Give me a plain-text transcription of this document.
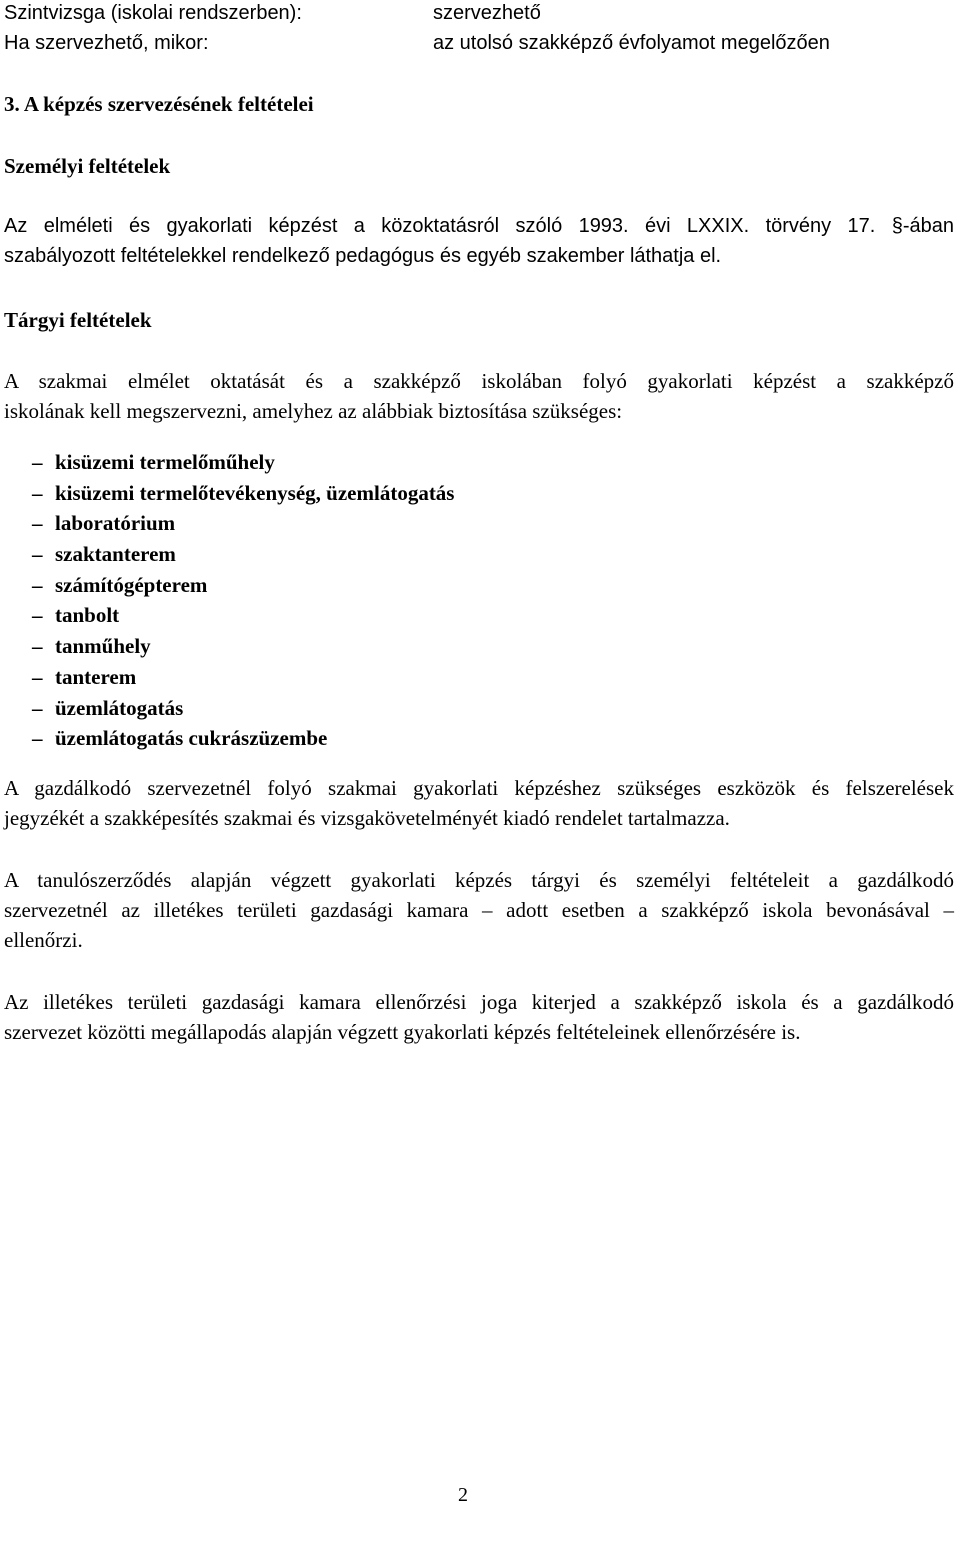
Szintvizsga (iskolai rendszerben):	szervezhető
Ha szervezhető, mikor:	az utolsó szakképző évfolyamot megelőzően
3. A képzés szervezésének feltételei
Személyi feltételek
Az elméleti és gyakorlati képzést a közoktatásról szóló 1993. évi LXXIX. törvény 17. §-ában
szabályozott feltételekkel rendelkező pedagógus és egyéb szakember láthatja el.
Tárgyi feltételek
A szakmai elmélet oktatását és a szakképző iskolában folyó gyakorlati képzést a szakképző
iskolának kell megszervezni, amelyhez az alábbiak biztosítása szükséges:
– kisüzemi termelőműhely
– kisüzemi termelőtevékenység, üzemlátogatás
– laboratórium
– szaktanterem
– számítógépterem
– tanbolt
– tanműhely
– tanterem
– üzemlátogatás
– üzemlátogatás cukrászüzembe
A gazdálkodó szervezetnél folyó szakmai gyakorlati képzéshez szükséges eszközök és felszerelések
jegyzékét a szakképesítés szakmai és vizsgakövetelményét kiadó rendelet tartalmazza.
A tanulószerződés alapján végzett gyakorlati képzés tárgyi és személyi feltételeit a gazdálkodó
szervezetnél az illetékes területi gazdasági kamara – adott esetben a szakképző iskola bevonásával –
ellenőrzi.
Az illetékes területi gazdasági kamara ellenőrzési joga kiterjed a szakképző iskola és a gazdálkodó
szervezet közötti megállapodás alapján végzett gyakorlati képzés feltételeinek ellenőrzésére is.
2
